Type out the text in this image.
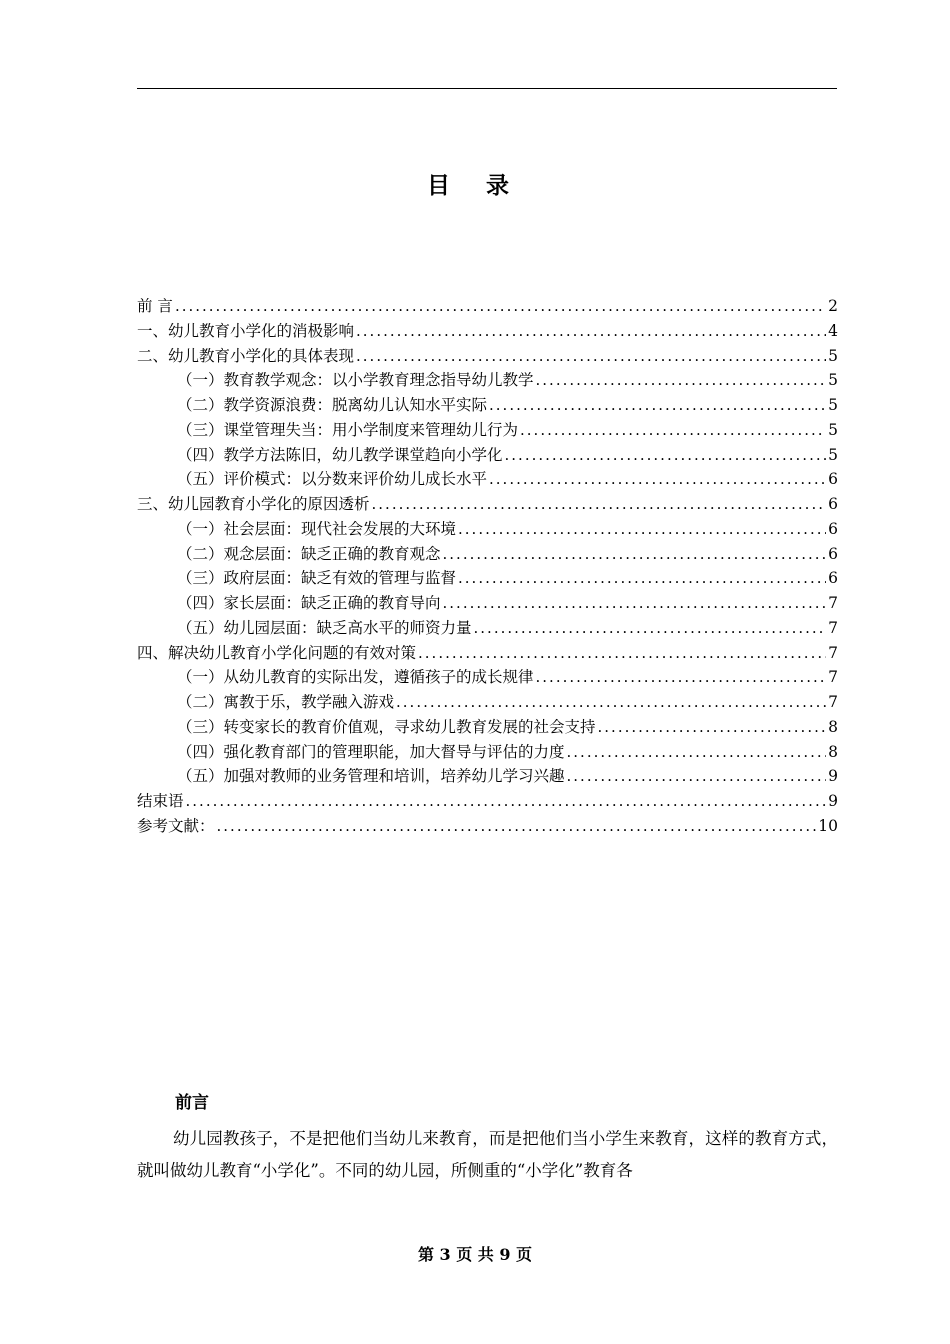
目 录
前 言 .....	2
一、幼儿教育小学化的消极影响 .....	4
二、幼儿教育小学化的具体表现 .....	5
（一）教育教学观念：以小学教育理念指导幼儿教学 .....	5
（二）教学资源浪费：脱离幼儿认知水平实际 .....	5
（三）课堂管理失当：用小学制度来管理幼儿行为 .....	5
（四）教学方法陈旧，幼儿教学课堂趋向小学化 .....	5
（五）评价模式：以分数来评价幼儿成长水平 .....	6
三、幼儿园教育小学化的原因透析 .....	6
（一）社会层面：现代社会发展的大环境 .....	6
（二）观念层面：缺乏正确的教育观念 .....	6
（三）政府层面：缺乏有效的管理与监督 .....	6
（四）家长层面：缺乏正确的教育导向 .....	7
（五）幼儿园层面：缺乏高水平的师资力量 .....	7
四、解决幼儿教育小学化问题的有效对策 .....	7
（一）从幼儿教育的实际出发，遵循孩子的成长规律 .....	7
（二）寓教于乐，教学融入游戏 .....	7
（三）转变家长的教育价值观，寻求幼儿教育发展的社会支持 .....	8
（四）强化教育部门的管理职能，加大督导与评估的力度 .....	8
（五）加强对教师的业务管理和培训，培养幼儿学习兴趣 .....	9
结束语 .....	9
参考文献： .....	10
前言
幼儿园教孩子，不是把他们当幼儿来教育，而是把他们当小学生来教育，这样的教育方式，就叫做幼儿教育“小学化”。不同的幼儿园，所侧重的“小学化”教育各
第 3 页 共 9 页
